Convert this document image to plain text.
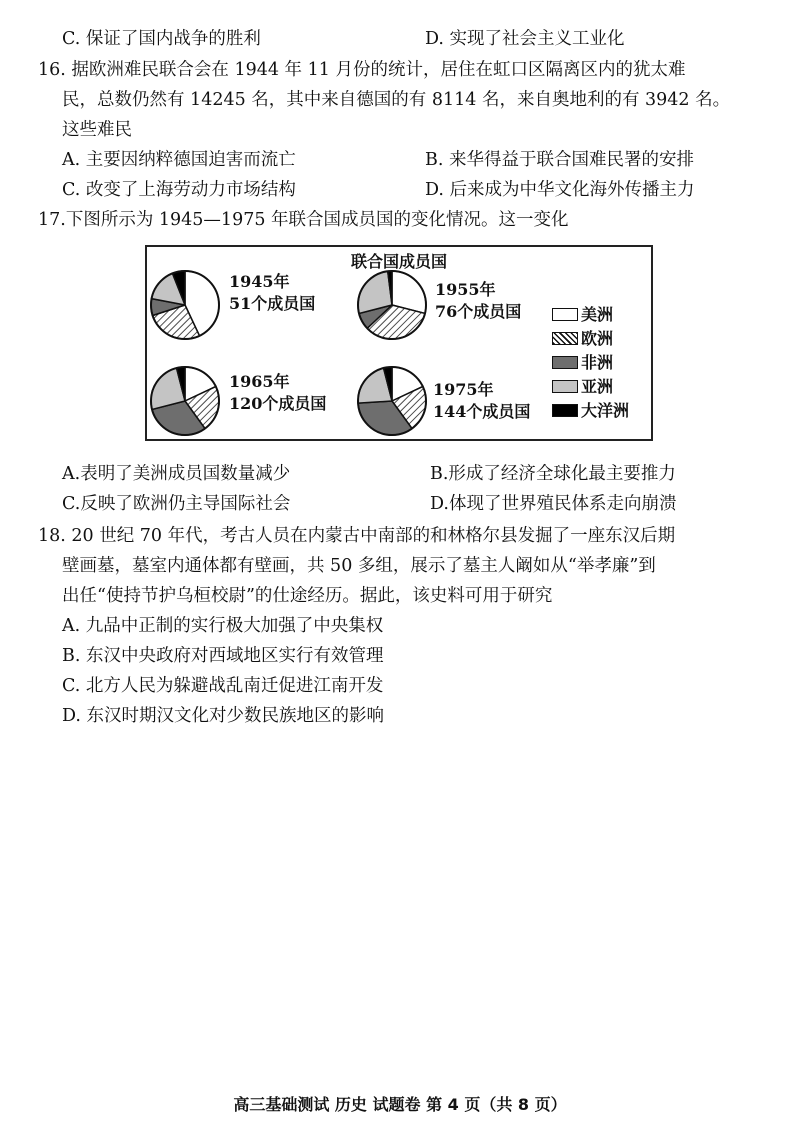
C. 保证了国内战争的胜利	D. 实现了社会主义工业化
16. 据欧洲难民联合会在 1944 年 11 月份的统计，居住在虹口区隔离区内的犹太难
民，总数仍然有 14245 名，其中来自德国的有 8114 名，来自奥地利的有 3942 名。
这些难民
A. 主要因纳粹德国迫害而流亡	B. 来华得益于联合国难民署的安排
C. 改变了上海劳动力市场结构	D. 后来成为中华文化海外传播主力
17.下图所示为 1945—1975 年联合国成员国的变化情况。这一变化
联合国成员国
1945年
51个成员国
1955年
76个成员国
1965年
120个成员国
1975年
144个成员国
美洲
欧洲
非洲
亚洲
大洋洲
A.表明了美洲成员国数量减少	B.形成了经济全球化最主要推力
C.反映了欧洲仍主导国际社会	D.体现了世界殖民体系走向崩溃
18. 20 世纪 70 年代，考古人员在内蒙古中南部的和林格尔县发掘了一座东汉后期
壁画墓，墓室内通体都有壁画，共 50 多组，展示了墓主人阚如从“举孝廉”到
出任“使持节护乌桓校尉”的仕途经历。据此，该史料可用于研究
A. 九品中正制的实行极大加强了中央集权
B. 东汉中央政府对西域地区实行有效管理
C. 北方人民为躲避战乱南迁促进江南开发
D. 东汉时期汉文化对少数民族地区的影响
高三基础测试 历史 试题卷 第 4 页（共 8 页）
